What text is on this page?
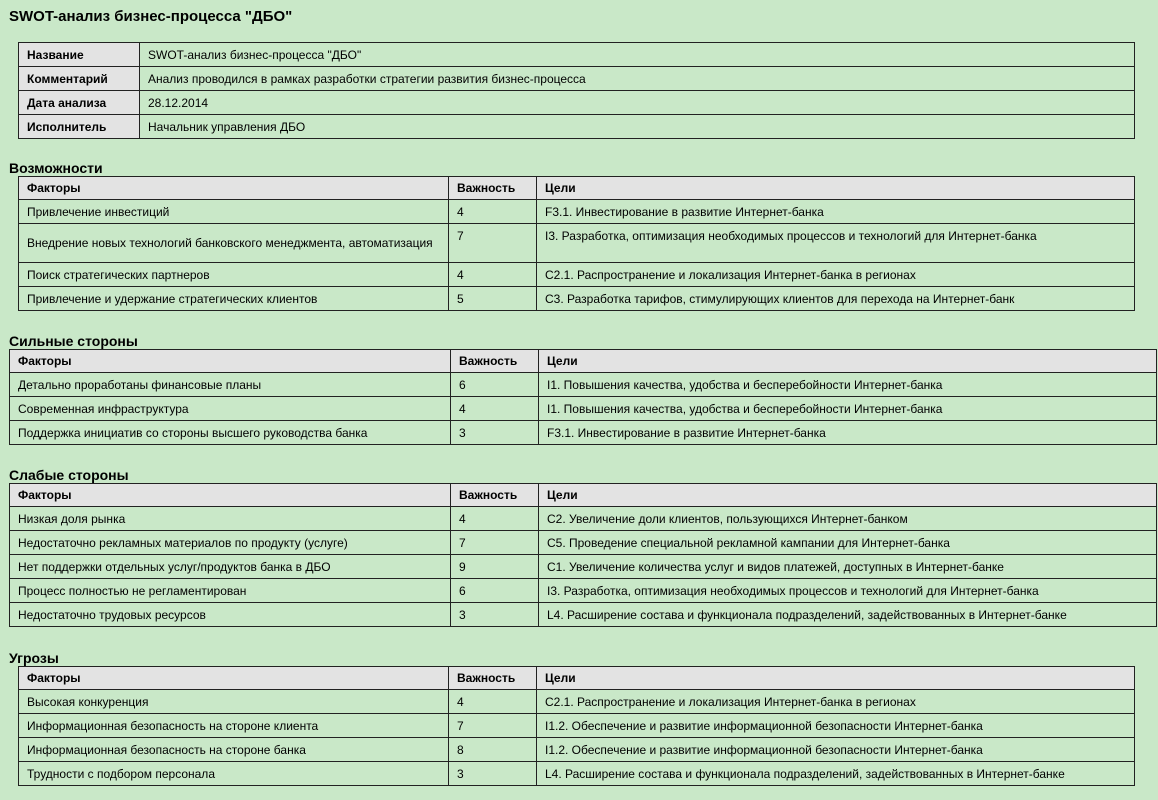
SWOT-анализ бизнес-процесса "ДБО"
Название	SWOT-анализ бизнес-процесса "ДБО"
Комментарий	Анализ проводился в рамках разработки стратегии развития бизнес-процесса
Дата анализа	28.12.2014
Исполнитель	Начальник управления ДБО
Возможности
Факторы	Важность	Цели
Привлечение инвестиций	4	F3.1. Инвестирование в развитие Интернет-банка
Внедрение новых технологий банковского менеджмента, автоматизация	7	I3. Разработка, оптимизация необходимых процессов и технологий для Интернет-банка
Поиск стратегических партнеров	4	C2.1. Распространение и локализация Интернет-банка в регионах
Привлечение и удержание стратегических клиентов	5	C3. Разработка тарифов, стимулирующих клиентов для перехода на Интернет-банк
Сильные стороны
Факторы	Важность	Цели
Детально проработаны финансовые планы	6	I1. Повышения качества, удобства и бесперебойности Интернет-банка
Современная инфраструктура	4	I1. Повышения качества, удобства и бесперебойности Интернет-банка
Поддержка инициатив со стороны высшего руководства банка	3	F3.1. Инвестирование в развитие Интернет-банка
Слабые стороны
Факторы	Важность	Цели
Низкая доля рынка	4	C2. Увеличение доли клиентов, пользующихся Интернет-банком
Недостаточно рекламных материалов по продукту (услуге)	7	C5. Проведение специальной рекламной кампании для Интернет-банка
Нет поддержки отдельных услуг/продуктов банка в ДБО	9	C1. Увеличение количества услуг и видов платежей, доступных в Интернет-банке
Процесс полностью не регламентирован	6	I3. Разработка, оптимизация необходимых процессов и технологий для Интернет-банка
Недостаточно трудовых ресурсов	3	L4. Расширение состава и функционала подразделений, задействованных в Интернет-банке
Угрозы
Факторы	Важность	Цели
Высокая конкуренция	4	C2.1. Распространение и локализация Интернет-банка в регионах
Информационная безопасность на стороне клиента	7	I1.2. Обеспечение и развитие информационной безопасности Интернет-банка
Информационная безопасность на стороне банка	8	I1.2. Обеспечение и развитие информационной безопасности Интернет-банка
Трудности с подбором персонала	3	L4. Расширение состава и функционала подразделений, задействованных в Интернет-банке
